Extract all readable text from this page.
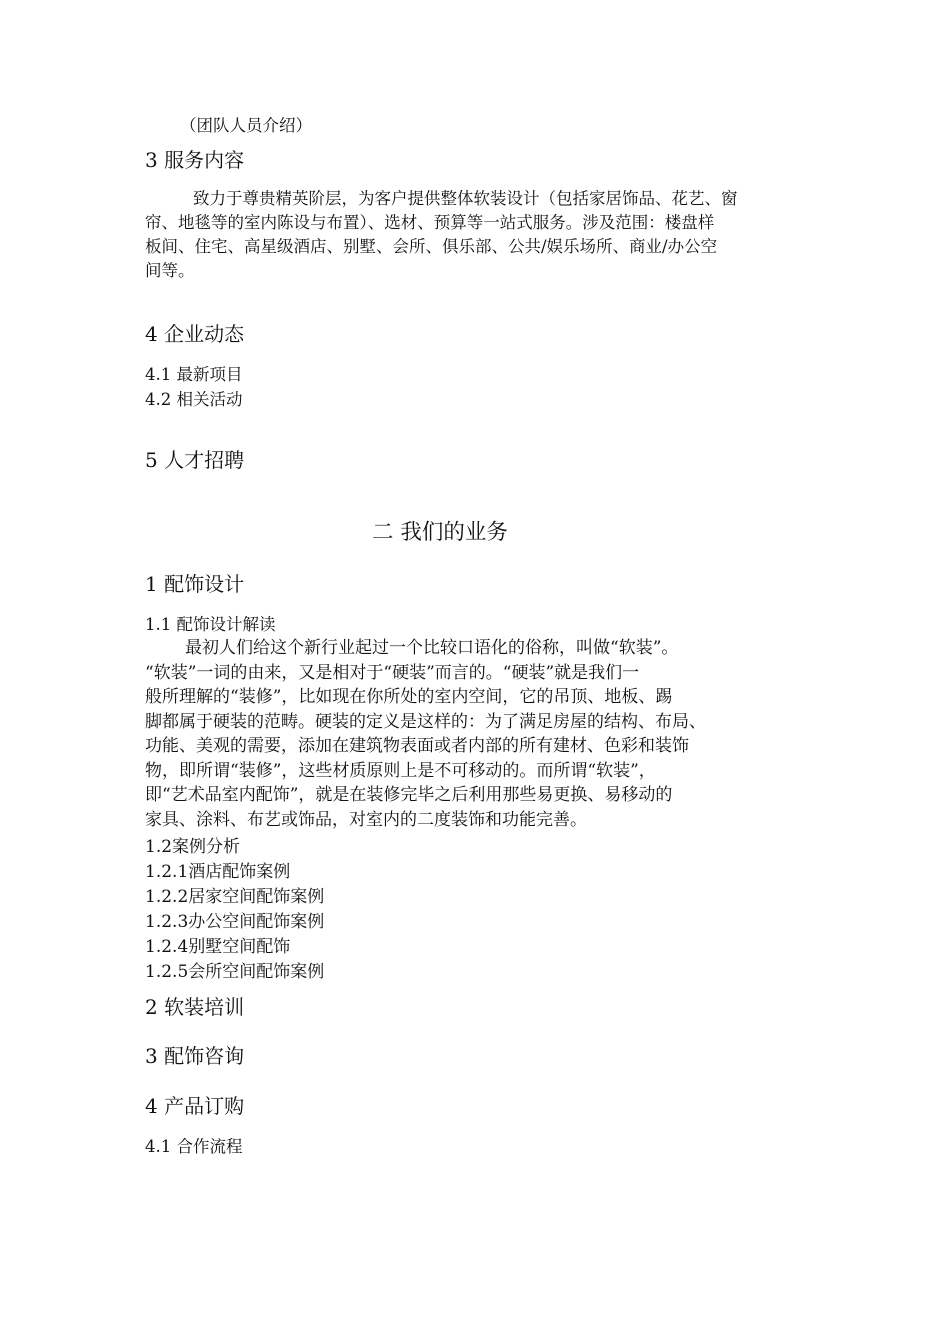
（团队人员介绍）

3 服务内容

致力于尊贵精英阶层，为客户提供整体软装设计（包括家居饰品、花艺、窗
帘、地毯等的室内陈设与布置）、选材、预算等一站式服务。涉及范围：楼盘样
板间、住宅、高星级酒店、别墅、会所、俱乐部、公共/娱乐场所、商业/办公空
间等。

4 企业动态

4.1 最新项目

4.2 相关活动

5 人才招聘

二 我们的业务

1 配饰设计

1.1 配饰设计解读

最初人们给这个新行业起过一个比较口语化的俗称，叫做“软装”。
“软装”一词的由来，又是相对于“硬装”而言的。“硬装”就是我们一
般所理解的“装修”，比如现在你所处的室内空间，它的吊顶、地板、踢
脚都属于硬装的范畴。硬装的定义是这样的：为了满足房屋的结构、布局、
功能、美观的需要，添加在建筑物表面或者内部的所有建材、色彩和装饰
物，即所谓“装修”，这些材质原则上是不可移动的。而所谓“软装”，
即“艺术品室内配饰”，就是在装修完毕之后利用那些易更换、易移动的
家具、涂料、布艺或饰品，对室内的二度装饰和功能完善。

1.2案例分析

1.2.1酒店配饰案例

1.2.2居家空间配饰案例

1.2.3办公空间配饰案例

1.2.4别墅空间配饰

1.2.5会所空间配饰案例

2 软装培训

3 配饰咨询

4 产品订购

4.1 合作流程
